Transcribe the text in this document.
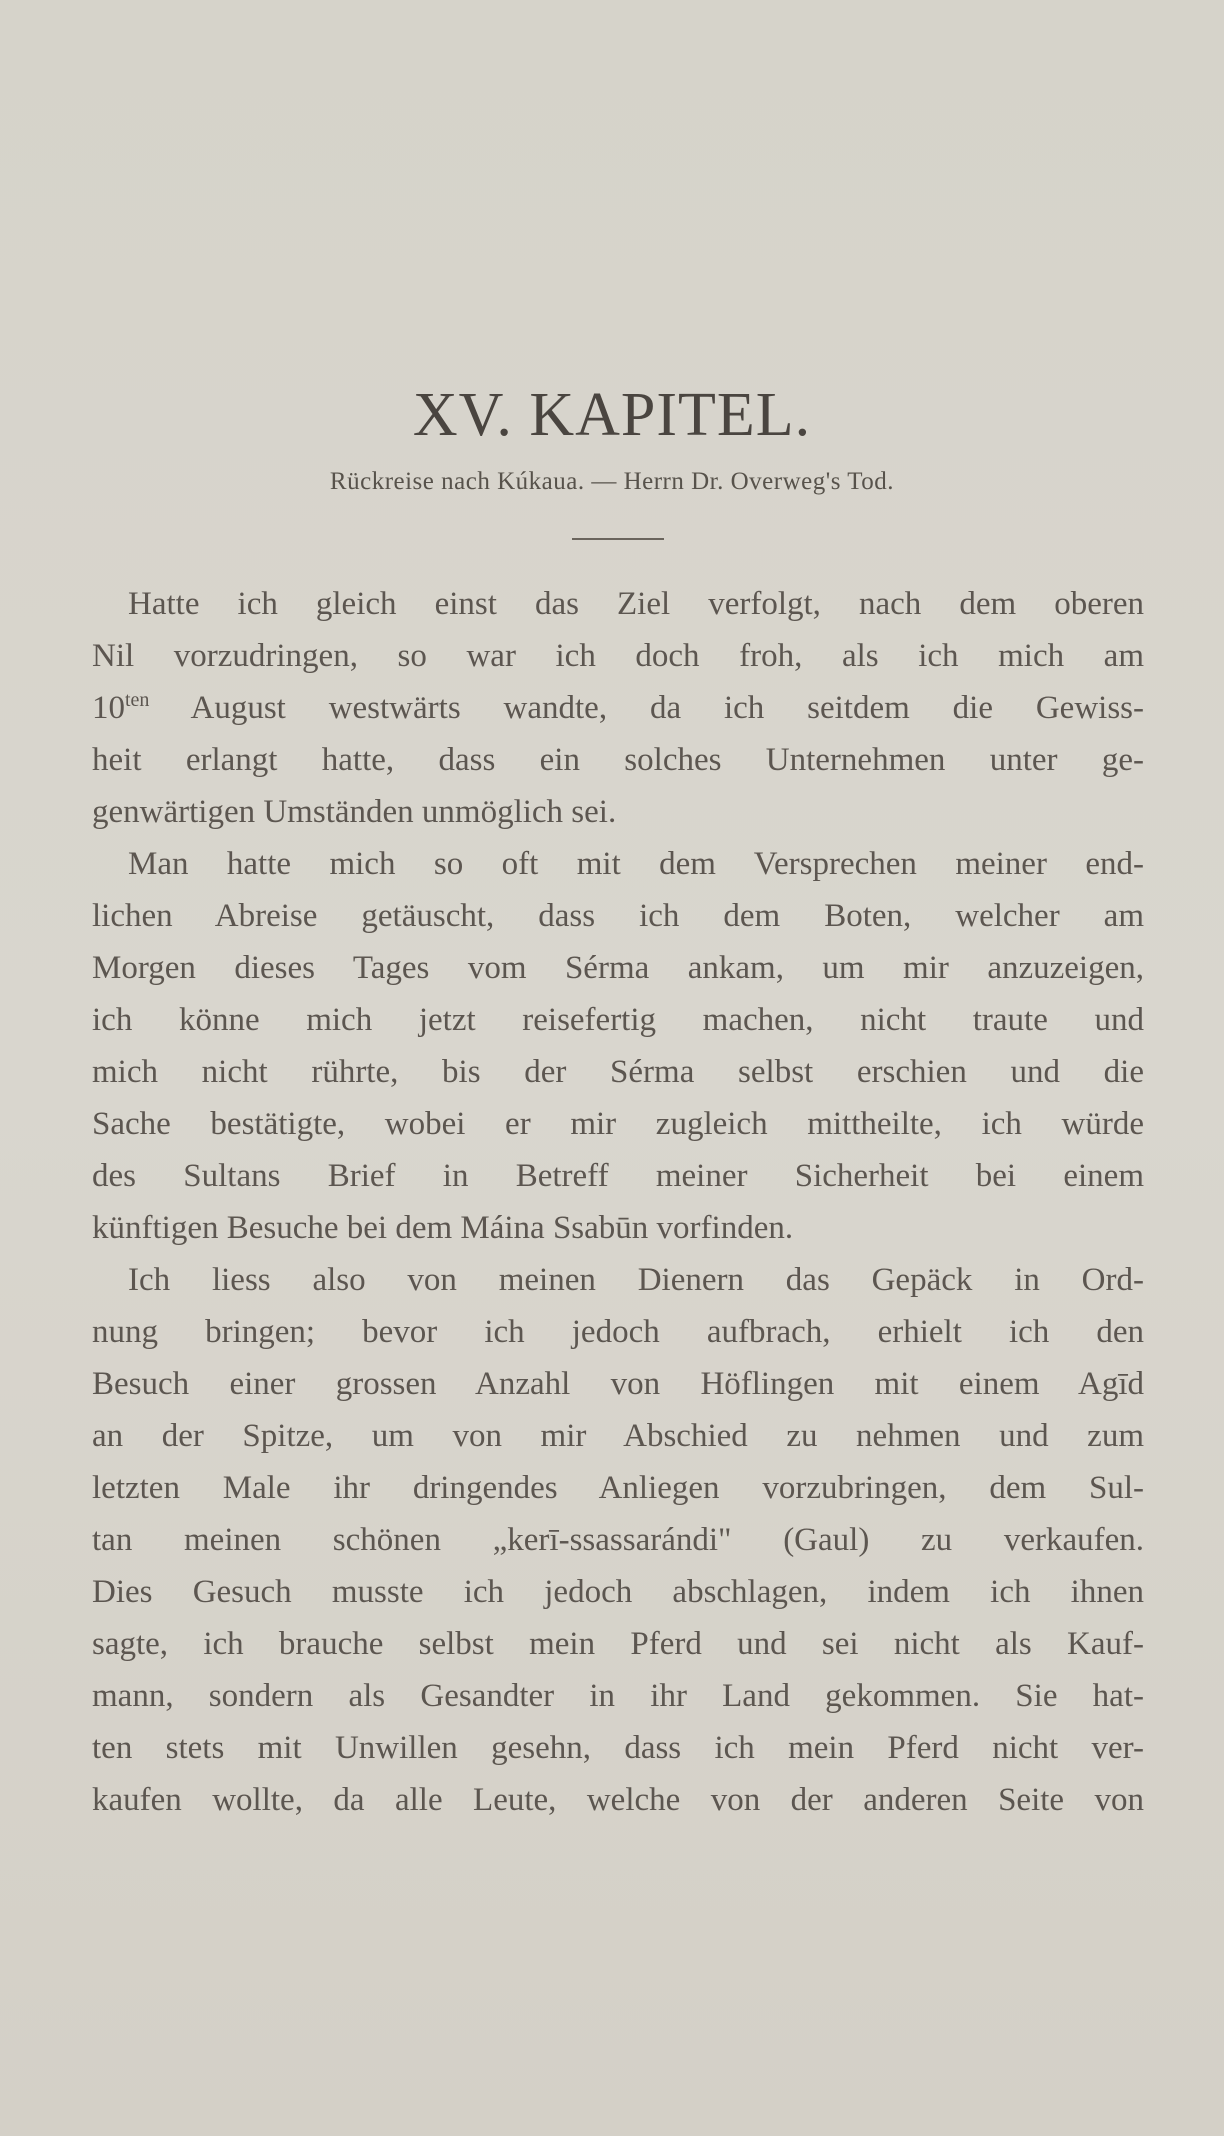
XV. KAPITEL.
Rückreise nach Kúkaua. — Herrn Dr. Overweg's Tod.
Hatte ich gleich einst das Ziel verfolgt, nach dem oberen
Nil vorzudringen, so war ich doch froh, als ich mich am
$10^{ten}$ August westwärts wandte, da ich seitdem die Gewiss-
heit erlangt hatte, dass ein solches Unternehmen unter ge-
genwärtigen Umständen unmöglich sei.
Man hatte mich so oft mit dem Versprechen meiner end-
lichen Abreise getäuscht, dass ich dem Boten, welcher am
Morgen dieses Tages vom Sérma ankam, um mir anzuzeigen,
ich könne mich jetzt reisefertig machen, nicht traute und
mich nicht rührte, bis der Sérma selbst erschien und die
Sache bestätigte, wobei er mir zugleich mittheilte, ich würde
des Sultans Brief in Betreff meiner Sicherheit bei einem
künftigen Besuche bei dem Máina Ssabūn vorfinden.
Ich liess also von meinen Dienern das Gepäck in Ord-
nung bringen; bevor ich jedoch aufbrach, erhielt ich den
Besuch einer grossen Anzahl von Höflingen mit einem Agīd
an der Spitze, um von mir Abschied zu nehmen und zum
letzten Male ihr dringendes Anliegen vorzubringen, dem Sul-
tan meinen schönen „kerī-ssassarándi" (Gaul) zu verkaufen.
Dies Gesuch musste ich jedoch abschlagen, indem ich ihnen
sagte, ich brauche selbst mein Pferd und sei nicht als Kauf-
mann, sondern als Gesandter in ihr Land gekommen. Sie hat-
ten stets mit Unwillen gesehn, dass ich mein Pferd nicht ver-
kaufen wollte, da alle Leute, welche von der anderen Seite von
